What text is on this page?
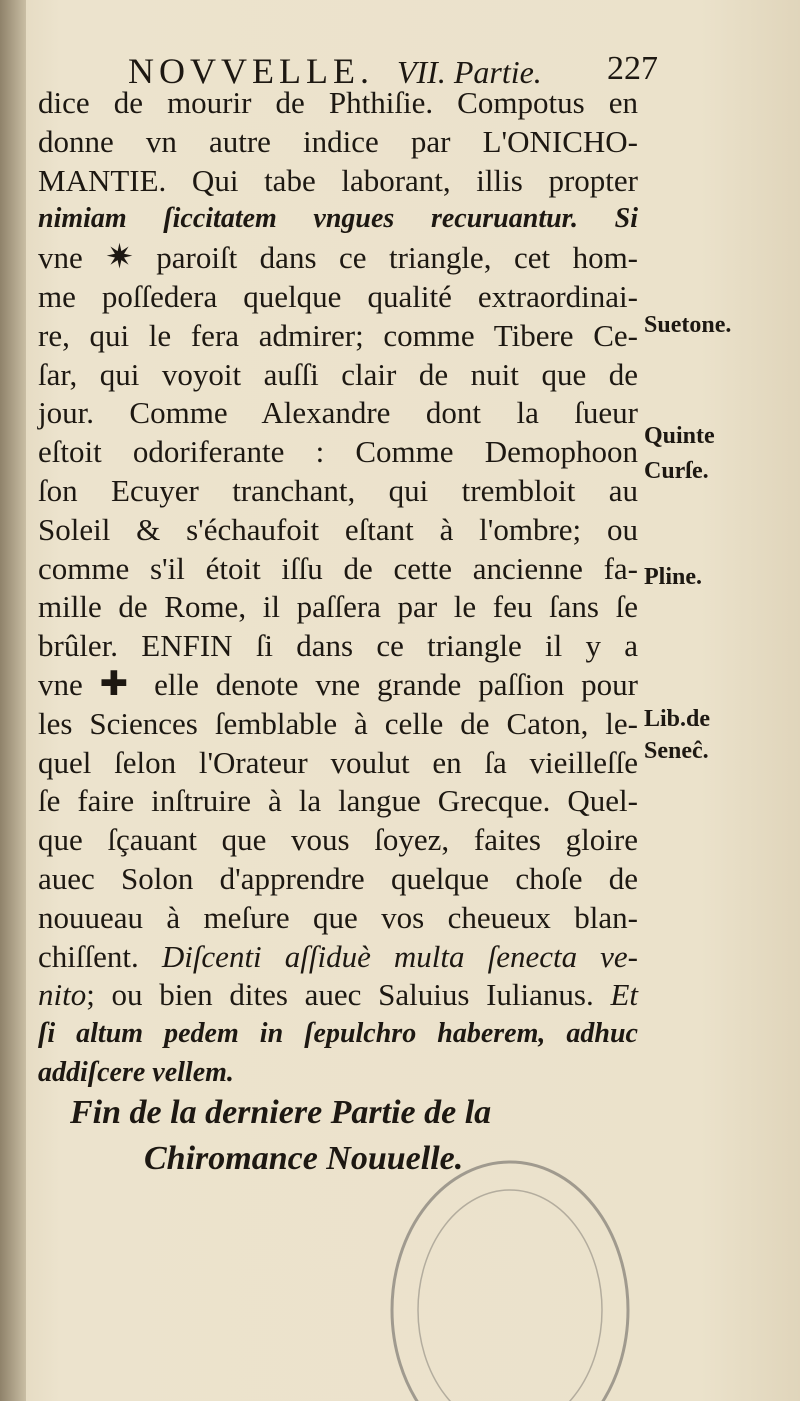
NOVVELLE. VII. Partie. 227
dice de mourir de Phthiſie. Compotus en
donne vn autre indice par L'ONICHO-
MANTIE. Qui tabe laborant, illis propter
nimiam ſiccitatem vngues recuruantur. Si
vne ✷ paroiſt dans ce triangle, cet hom-
me poſſedera quelque qualité extraordinai-
re, qui le fera admirer; comme Tibere Ce-
ſar, qui voyoit auſſi clair de nuit que de
jour. Comme Alexandre dont la ſueur
eſtoit odoriferante : Comme Demophoon
ſon Ecuyer tranchant, qui trembloit au
Soleil & s'échaufoit eſtant à l'ombre; ou
comme s'il étoit iſſu de cette ancienne fa-
mille de Rome, il paſſera par le feu ſans ſe
brûler. ENFIN ſi dans ce triangle il y a
vne ✚ elle denote vne grande paſſion pour
les Sciences ſemblable à celle de Caton, le-
quel ſelon l'Orateur voulut en ſa vieilleſſe
ſe faire inſtruire à la langue Grecque. Quel-
que ſçauant que vous ſoyez, faites gloire
auec Solon d'apprendre quelque choſe de
nouueau à meſure que vos cheueux blan-
chiſſent. Diſcenti aſſiduè multa ſenecta ve-
nito; ou bien dites auec Saluius Iulianus. Et
ſi altum pedem in ſepulchro haberem, adhuc
addiſcere vellem.
Suetone.
Quinte
Curſe.
Pline.
Lib.de
Seneĉ.
Fin de la derniere Partie de la
Chiromance Nouuelle.
